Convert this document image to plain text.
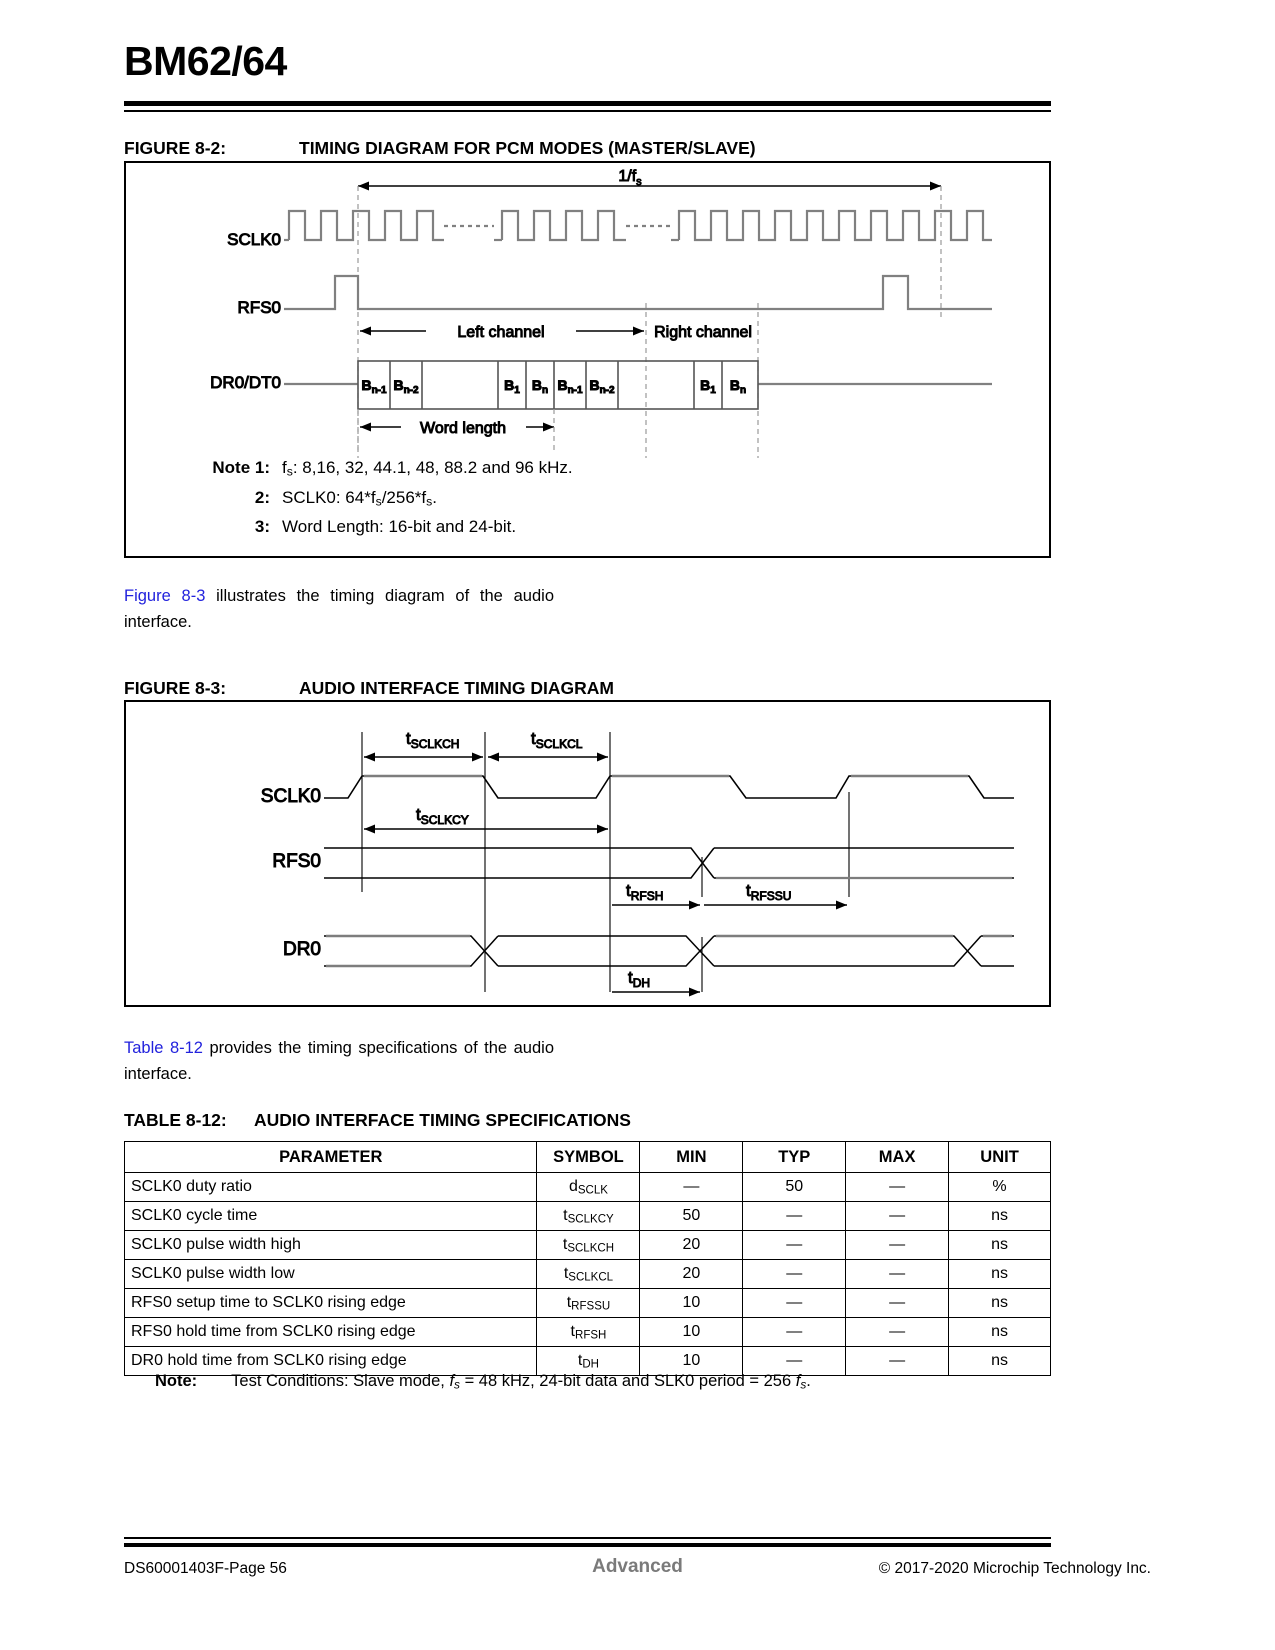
BM62/64
FIGURE 8-2:	TIMING DIAGRAM FOR PCM MODES (MASTER/SLAVE)
$1/f_s$
SCLK0
RFS0
Left channel	Right channel
DR0/DT0	$B_{n-1}$ $B_{n-2}$	$B_1$ $B_n$ $B_{n-1}$ $B_{n-2}$	$B_1$ $B_n$
Word length
Note 1: $f_s$: 8,16, 32, 44.1, 48, 88.2 and 96 kHz.
2: SCLK0: $64*f_s/256*f_s$.
3: Word Length: 16-bit and 24-bit.
Figure 8-3 illustrates the timing diagram of the audio interface.
FIGURE 8-3:	AUDIO INTERFACE TIMING DIAGRAM
$t_{SCLKCH}$	$t_{SCLKCL}$
SCLK0
$t_{SCLKCY}$
RFS0
$t_{RFSH}$	$t_{RFSSU}$
DR0
$t_{DH}$
Table 8-12 provides the timing specifications of the audio interface.
TABLE 8-12: AUDIO INTERFACE TIMING SPECIFICATIONS
PARAMETER	SYMBOL	MIN	TYP	MAX	UNIT
SCLK0 duty ratio	$d_{SCLK}$	—	50	—	%
SCLK0 cycle time	$t_{SCLKCY}$	50	—	—	ns
SCLK0 pulse width high	$t_{SCLKCH}$	20	—	—	ns
SCLK0 pulse width low	$t_{SCLKCL}$	20	—	—	ns
RFS0 setup time to SCLK0 rising edge	$t_{RFSSU}$	10	—	—	ns
RFS0 hold time from SCLK0 rising edge	$t_{RFSH}$	10	—	—	ns
DR0 hold time from SCLK0 rising edge	$t_{DH}$	10	—	—	ns
Note: Test Conditions: Slave mode, $f_s = 48$ kHz, 24-bit data and SLK0 period = 256 $f_s$.
DS60001403F-Page 56	Advanced	© 2017-2020 Microchip Technology Inc.
